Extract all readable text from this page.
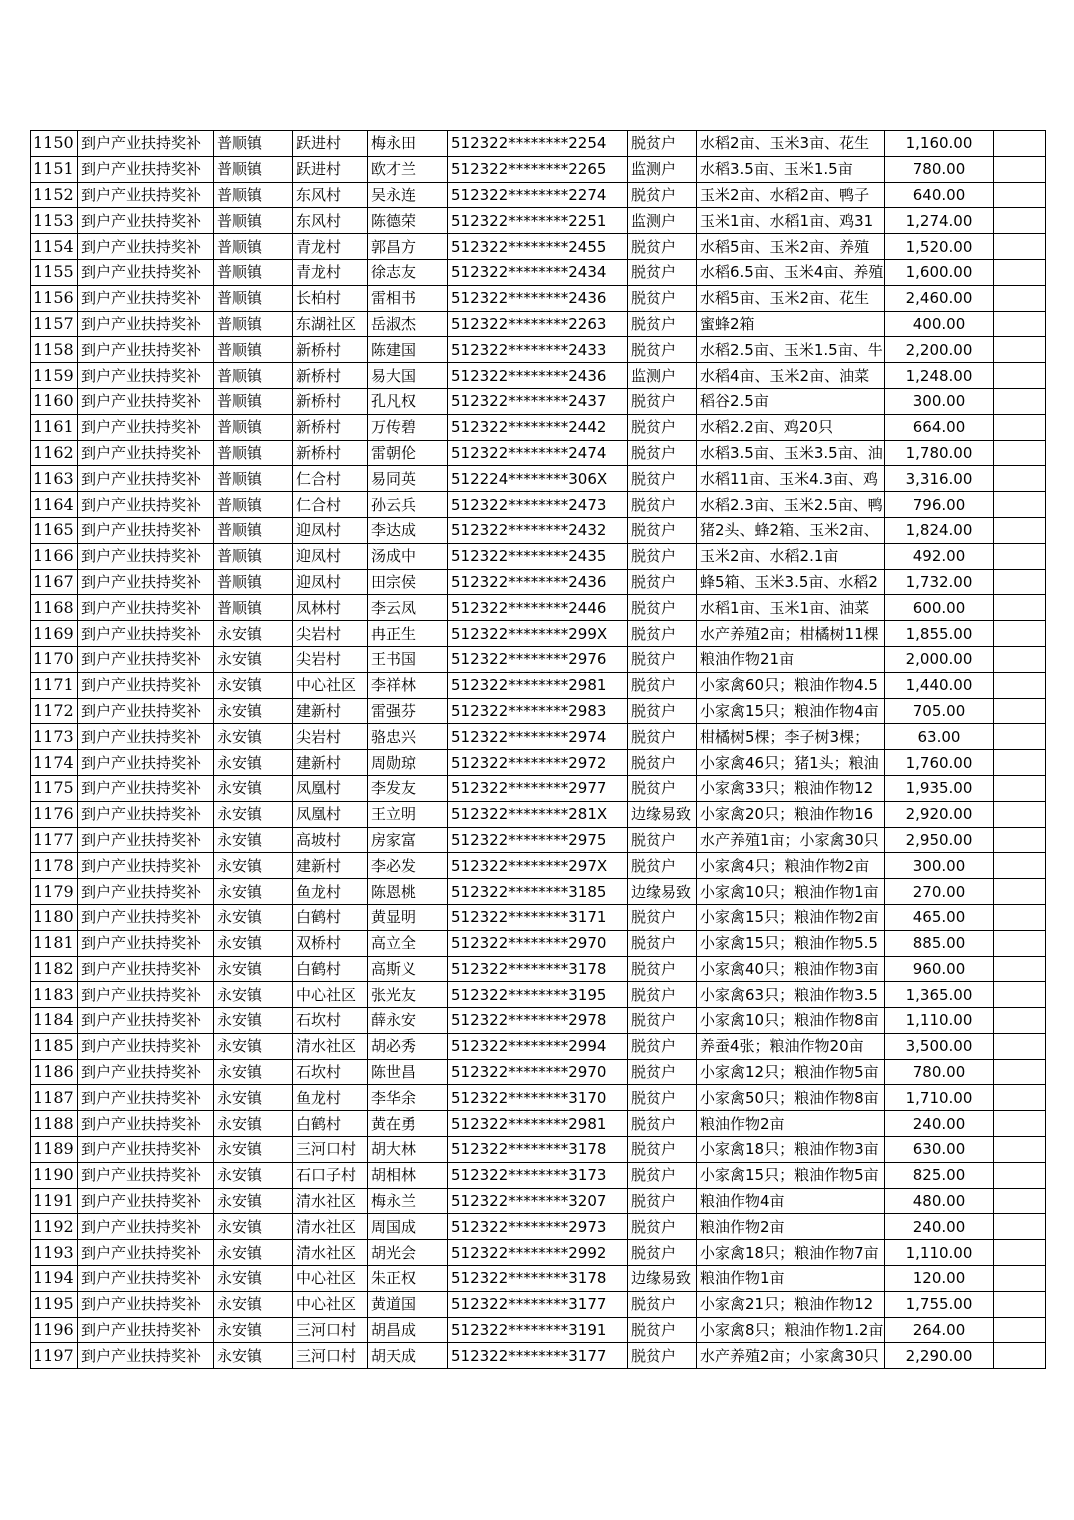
1150	到户产业扶持奖补	普顺镇	跃进村	梅永田	512322********2254	脱贫户	水稻2亩、玉米3亩、花生	1,160.00	
1151	到户产业扶持奖补	普顺镇	跃进村	欧才兰	512322********2265	监测户	水稻3.5亩、玉米1.5亩	780.00	
1152	到户产业扶持奖补	普顺镇	东风村	吴永连	512322********2274	脱贫户	玉米2亩、水稻2亩、鸭子	640.00	
1153	到户产业扶持奖补	普顺镇	东风村	陈德荣	512322********2251	监测户	玉米1亩、水稻1亩、鸡31	1,274.00	
1154	到户产业扶持奖补	普顺镇	青龙村	郭昌方	512322********2455	脱贫户	水稻5亩、玉米2亩、养殖	1,520.00	
1155	到户产业扶持奖补	普顺镇	青龙村	徐志友	512322********2434	脱贫户	水稻6.5亩、玉米4亩、养殖	1,600.00	
1156	到户产业扶持奖补	普顺镇	长柏村	雷相书	512322********2436	脱贫户	水稻5亩、玉米2亩、花生	2,460.00	
1157	到户产业扶持奖补	普顺镇	东湖社区	岳淑杰	512322********2263	脱贫户	蜜蜂2箱	400.00	
1158	到户产业扶持奖补	普顺镇	新桥村	陈建国	512322********2433	脱贫户	水稻2.5亩、玉米1.5亩、牛	2,200.00	
1159	到户产业扶持奖补	普顺镇	新桥村	易大国	512322********2436	监测户	水稻4亩、玉米2亩、油菜	1,248.00	
1160	到户产业扶持奖补	普顺镇	新桥村	孔凡权	512322********2437	脱贫户	稻谷2.5亩	300.00	
1161	到户产业扶持奖补	普顺镇	新桥村	万传碧	512322********2442	脱贫户	水稻2.2亩、鸡20只	664.00	
1162	到户产业扶持奖补	普顺镇	新桥村	雷朝伦	512322********2474	脱贫户	水稻3.5亩、玉米3.5亩、油	1,780.00	
1163	到户产业扶持奖补	普顺镇	仁合村	易同英	512224********306X	脱贫户	水稻11亩、玉米4.3亩、鸡	3,316.00	
1164	到户产业扶持奖补	普顺镇	仁合村	孙云兵	512322********2473	脱贫户	水稻2.3亩、玉米2.5亩、鸭	796.00	
1165	到户产业扶持奖补	普顺镇	迎凤村	李达成	512322********2432	脱贫户	猪2头、蜂2箱、玉米2亩、	1,824.00	
1166	到户产业扶持奖补	普顺镇	迎凤村	汤成中	512322********2435	脱贫户	玉米2亩、水稻2.1亩	492.00	
1167	到户产业扶持奖补	普顺镇	迎凤村	田宗侯	512322********2436	脱贫户	蜂5箱、玉米3.5亩、水稻2	1,732.00	
1168	到户产业扶持奖补	普顺镇	凤林村	李云凤	512322********2446	脱贫户	水稻1亩、玉米1亩、油菜	600.00	
1169	到户产业扶持奖补	永安镇	尖岩村	冉正生	512322********299X	脱贫户	水产养殖2亩；柑橘树11棵	1,855.00	
1170	到户产业扶持奖补	永安镇	尖岩村	王书国	512322********2976	脱贫户	粮油作物21亩	2,000.00	
1171	到户产业扶持奖补	永安镇	中心社区	李祥林	512322********2981	脱贫户	小家禽60只；粮油作物4.5	1,440.00	
1172	到户产业扶持奖补	永安镇	建新村	雷强芬	512322********2983	脱贫户	小家禽15只；粮油作物4亩	705.00	
1173	到户产业扶持奖补	永安镇	尖岩村	骆忠兴	512322********2974	脱贫户	柑橘树5棵；李子树3棵；	63.00	
1174	到户产业扶持奖补	永安镇	建新村	周勋琼	512322********2972	脱贫户	小家禽46只；猪1头；粮油	1,760.00	
1175	到户产业扶持奖补	永安镇	凤凰村	李发友	512322********2977	脱贫户	小家禽33只；粮油作物12	1,935.00	
1176	到户产业扶持奖补	永安镇	凤凰村	王立明	512322********281X	边缘易致	小家禽20只；粮油作物16	2,920.00	
1177	到户产业扶持奖补	永安镇	高坡村	房家富	512322********2975	脱贫户	水产养殖1亩；小家禽30只	2,950.00	
1178	到户产业扶持奖补	永安镇	建新村	李必发	512322********297X	脱贫户	小家禽4只；粮油作物2亩	300.00	
1179	到户产业扶持奖补	永安镇	鱼龙村	陈恩桃	512322********3185	边缘易致	小家禽10只；粮油作物1亩	270.00	
1180	到户产业扶持奖补	永安镇	白鹤村	黄显明	512322********3171	脱贫户	小家禽15只；粮油作物2亩	465.00	
1181	到户产业扶持奖补	永安镇	双桥村	高立全	512322********2970	脱贫户	小家禽15只；粮油作物5.5	885.00	
1182	到户产业扶持奖补	永安镇	白鹤村	高斯义	512322********3178	脱贫户	小家禽40只；粮油作物3亩	960.00	
1183	到户产业扶持奖补	永安镇	中心社区	张光友	512322********3195	脱贫户	小家禽63只；粮油作物3.5	1,365.00	
1184	到户产业扶持奖补	永安镇	石坎村	薛永安	512322********2978	脱贫户	小家禽10只；粮油作物8亩	1,110.00	
1185	到户产业扶持奖补	永安镇	清水社区	胡必秀	512322********2994	脱贫户	养蚕4张；粮油作物20亩	3,500.00	
1186	到户产业扶持奖补	永安镇	石坎村	陈世昌	512322********2970	脱贫户	小家禽12只；粮油作物5亩	780.00	
1187	到户产业扶持奖补	永安镇	鱼龙村	李华余	512322********3170	脱贫户	小家禽50只；粮油作物8亩	1,710.00	
1188	到户产业扶持奖补	永安镇	白鹤村	黄在勇	512322********2981	脱贫户	粮油作物2亩	240.00	
1189	到户产业扶持奖补	永安镇	三河口村	胡大林	512322********3178	脱贫户	小家禽18只；粮油作物3亩	630.00	
1190	到户产业扶持奖补	永安镇	石口子村	胡相林	512322********3173	脱贫户	小家禽15只；粮油作物5亩	825.00	
1191	到户产业扶持奖补	永安镇	清水社区	梅永兰	512322********3207	脱贫户	粮油作物4亩	480.00	
1192	到户产业扶持奖补	永安镇	清水社区	周国成	512322********2973	脱贫户	粮油作物2亩	240.00	
1193	到户产业扶持奖补	永安镇	清水社区	胡光会	512322********2992	脱贫户	小家禽18只；粮油作物7亩	1,110.00	
1194	到户产业扶持奖补	永安镇	中心社区	朱正权	512322********3178	边缘易致	粮油作物1亩	120.00	
1195	到户产业扶持奖补	永安镇	中心社区	黄道国	512322********3177	脱贫户	小家禽21只；粮油作物12	1,755.00	
1196	到户产业扶持奖补	永安镇	三河口村	胡昌成	512322********3191	脱贫户	小家禽8只；粮油作物1.2亩	264.00	
1197	到户产业扶持奖补	永安镇	三河口村	胡天成	512322********3177	脱贫户	水产养殖2亩；小家禽30只	2,290.00	
